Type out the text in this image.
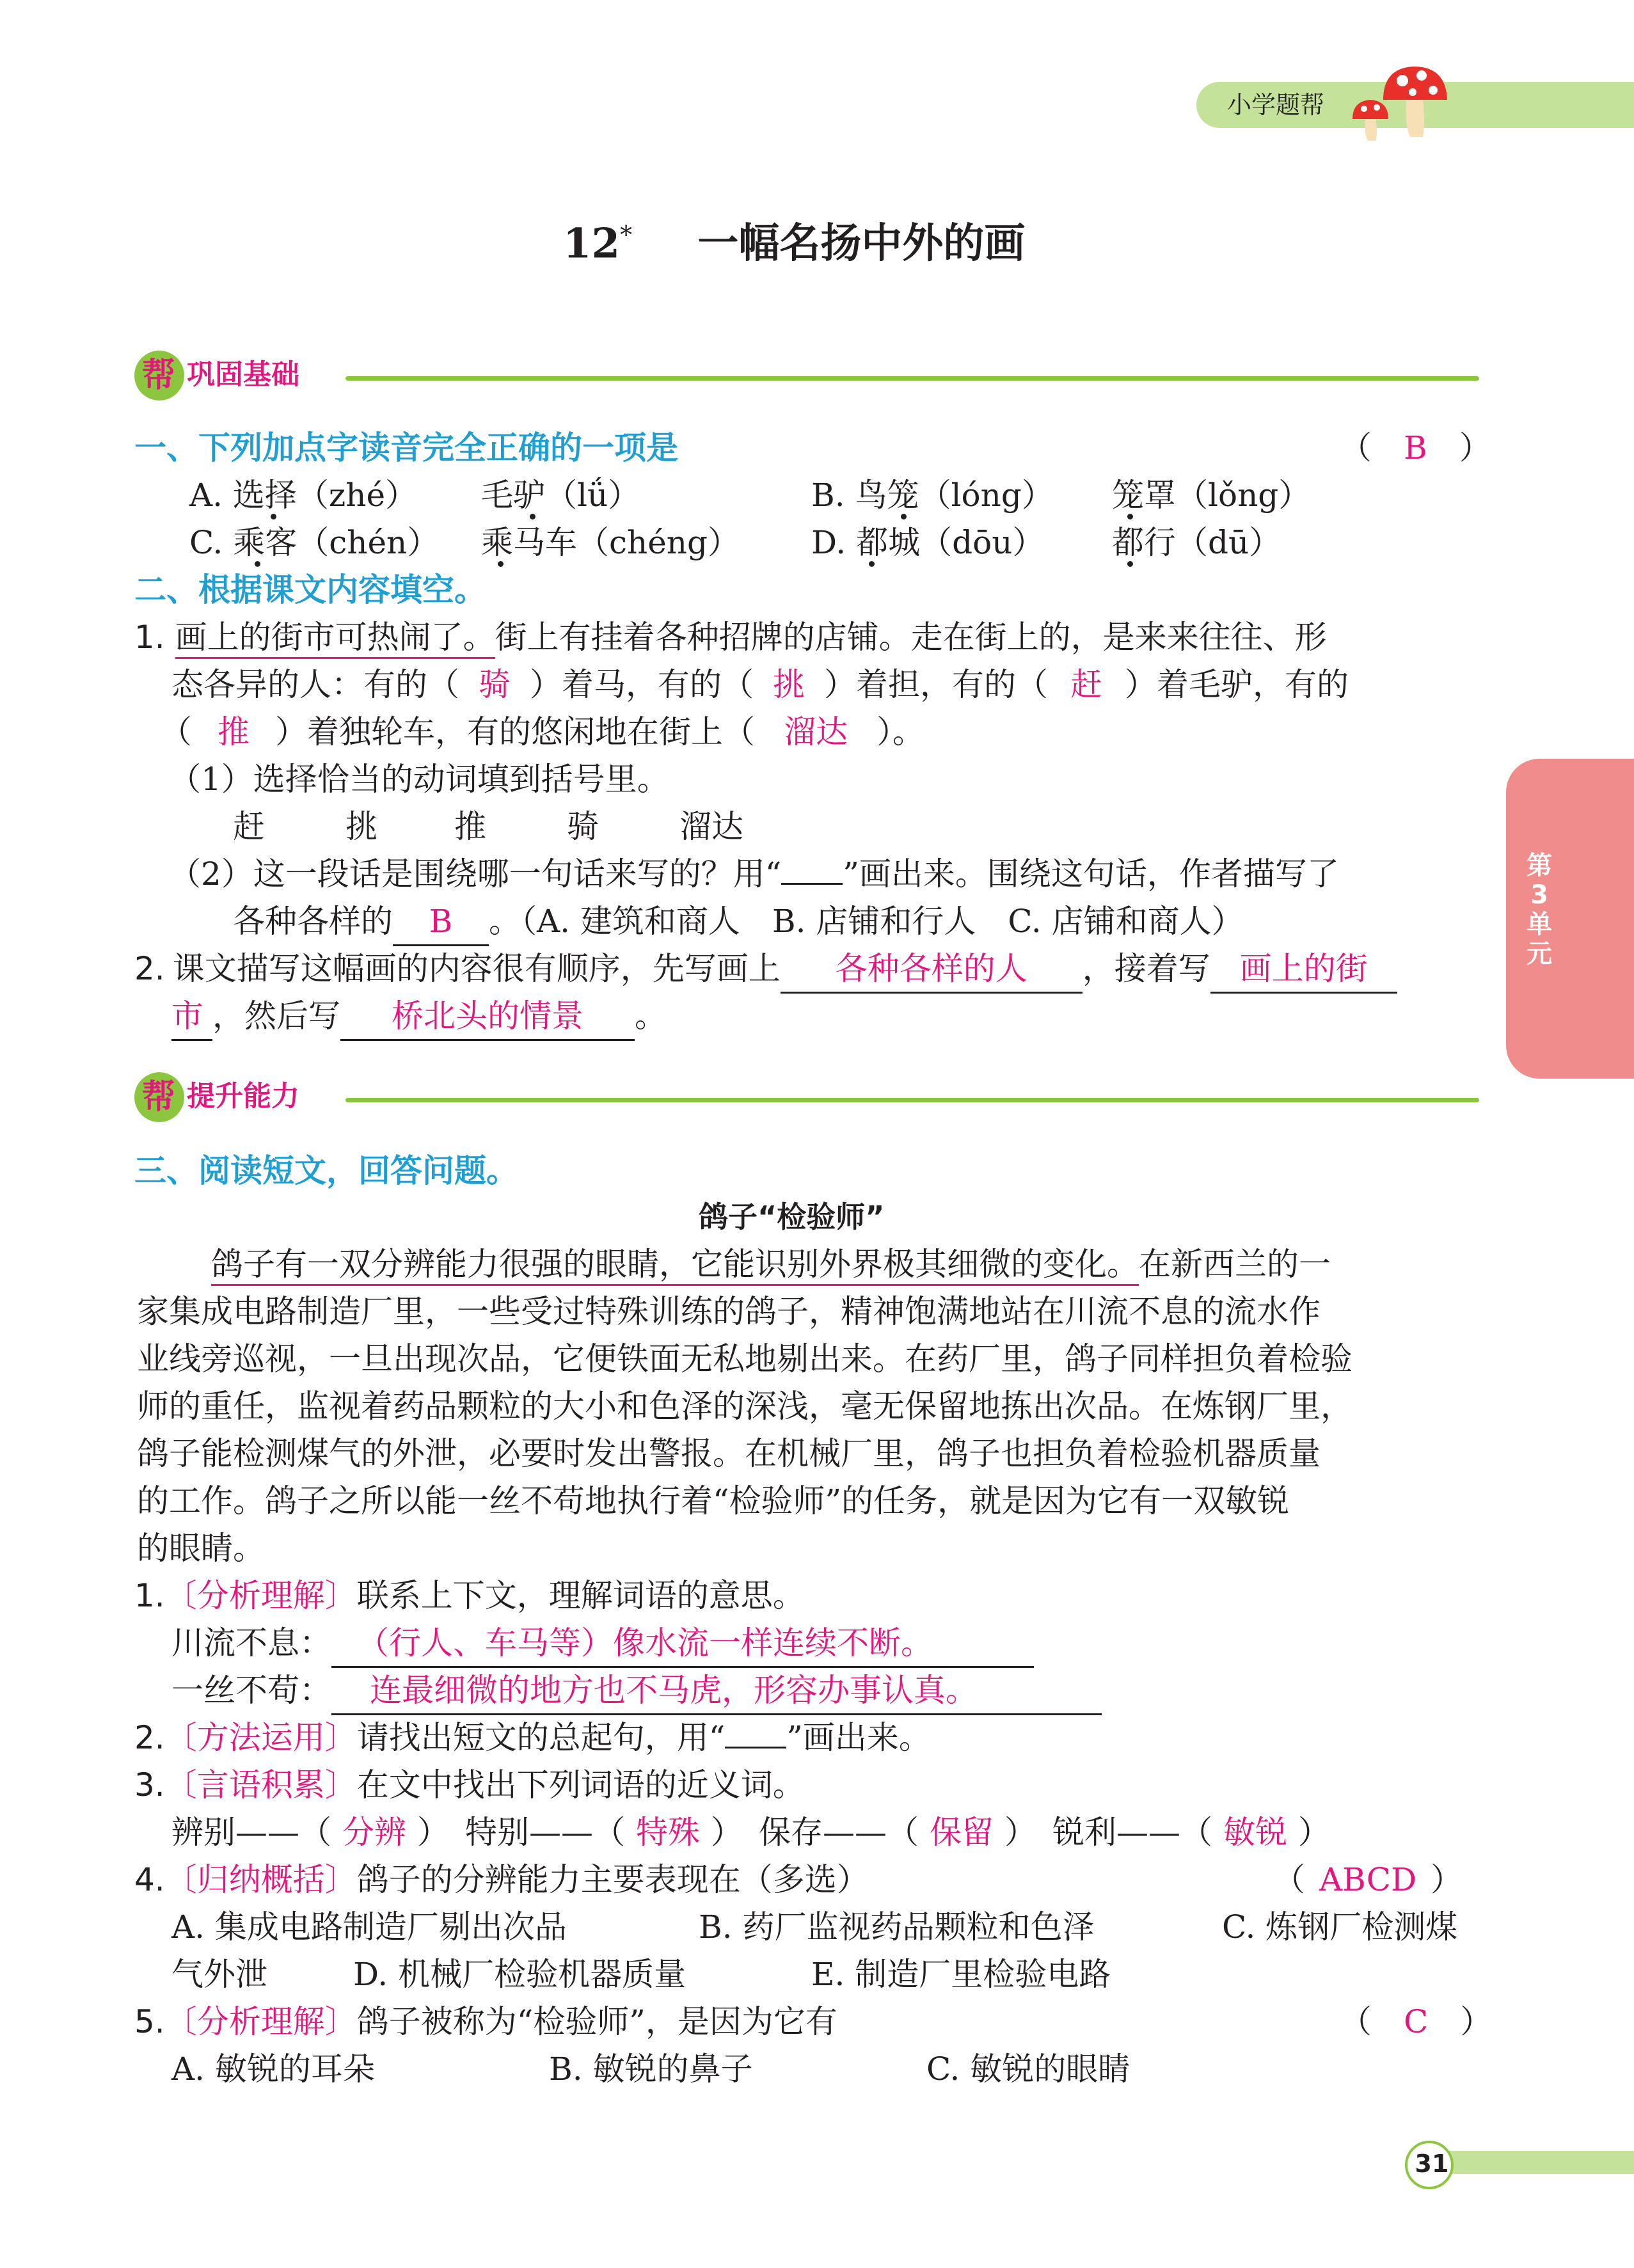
小学题帮
12* 一幅名扬中外的画
帮 巩固基础
一、下列加点字读音完全正确的一项是	（　B　）
A. 选择（zhé） 毛驴（lǘ）	B. 鸟笼（lóng） 笼罩（lǒng）
C. 乘客（chén） 乘马车（chéng） D. 都城（dōu） 都行（dū）
二、根据课文内容填空。
1. 画上的街市可热闹了。街上有挂着各种招牌的店铺。走在街上的，是来来往往、形
态各异的人：有的（ 骑 ）着马，有的（ 挑 ）着担，有的（ 赶 ）着毛驴，有的
（ 推 ）着独轮车，有的悠闲地在街上（ 溜达 ）。
（1）选择恰当的动词填到括号里。
赶	挑 推	骑	溜达
（2）这一段话是围绕哪一句话来写的？用“ ”画出来。围绕这句话，作者描写了
各种各样的 B 。（A. 建筑和商人　B. 店铺和行人　C. 店铺和商人）
2. 课文描写这幅画的内容很有顺序，先写画上 各种各样的人 ，接着写 画上的街
市 ，然后写 桥北头的情景 。
第
3
单
元
帮 提升能力
三、阅读短文，回答问题。
鸽子“检验师”
鸽子有一双分辨能力很强的眼睛，它能识别外界极其细微的变化。在新西兰的一
家集成电路制造厂里，一些受过特殊训练的鸽子，精神饱满地站在川流不息的流水作
业线旁巡视，一旦出现次品，它便铁面无私地剔出来。在药厂里，鸽子同样担负着检验
师的重任，监视着药品颗粒的大小和色泽的深浅，毫无保留地拣出次品。在炼钢厂里，
鸽子能检测煤气的外泄，必要时发出警报。在机械厂里，鸽子也担负着检验机器质量
的工作。鸽子之所以能一丝不苟地执行着“检验师”的任务，就是因为它有一双敏锐
的眼睛。
1.〔分析理解〕联系上下文，理解词语的意思。
川流不息： （行人、车马等）像水流一样连续不断。
一丝不苟： 连最细微的地方也不马虎，形容办事认真。
2.〔方法运用〕请找出短文的总起句，用“ ”画出来。
3.〔言语积累〕在文中找出下列词语的近义词。
辨别——（ 分辨 ）　特别——（ 特殊 ）　保存——（ 保留 ）　锐利——（ 敏锐 ）
4.〔归纳概括〕鸽子的分辨能力主要表现在（多选）	（ ABCD ）
A. 集成电路制造厂剔出次品	B. 药厂监视药品颗粒和色泽	C. 炼钢厂检测煤
气外泄	D. 机械厂检验机器质量	E. 制造厂里检验电路
5.〔分析理解〕鸽子被称为“检验师”，是因为它有	（　C　）
A. 敏锐的耳朵	B. 敏锐的鼻子	C. 敏锐的眼睛
31
